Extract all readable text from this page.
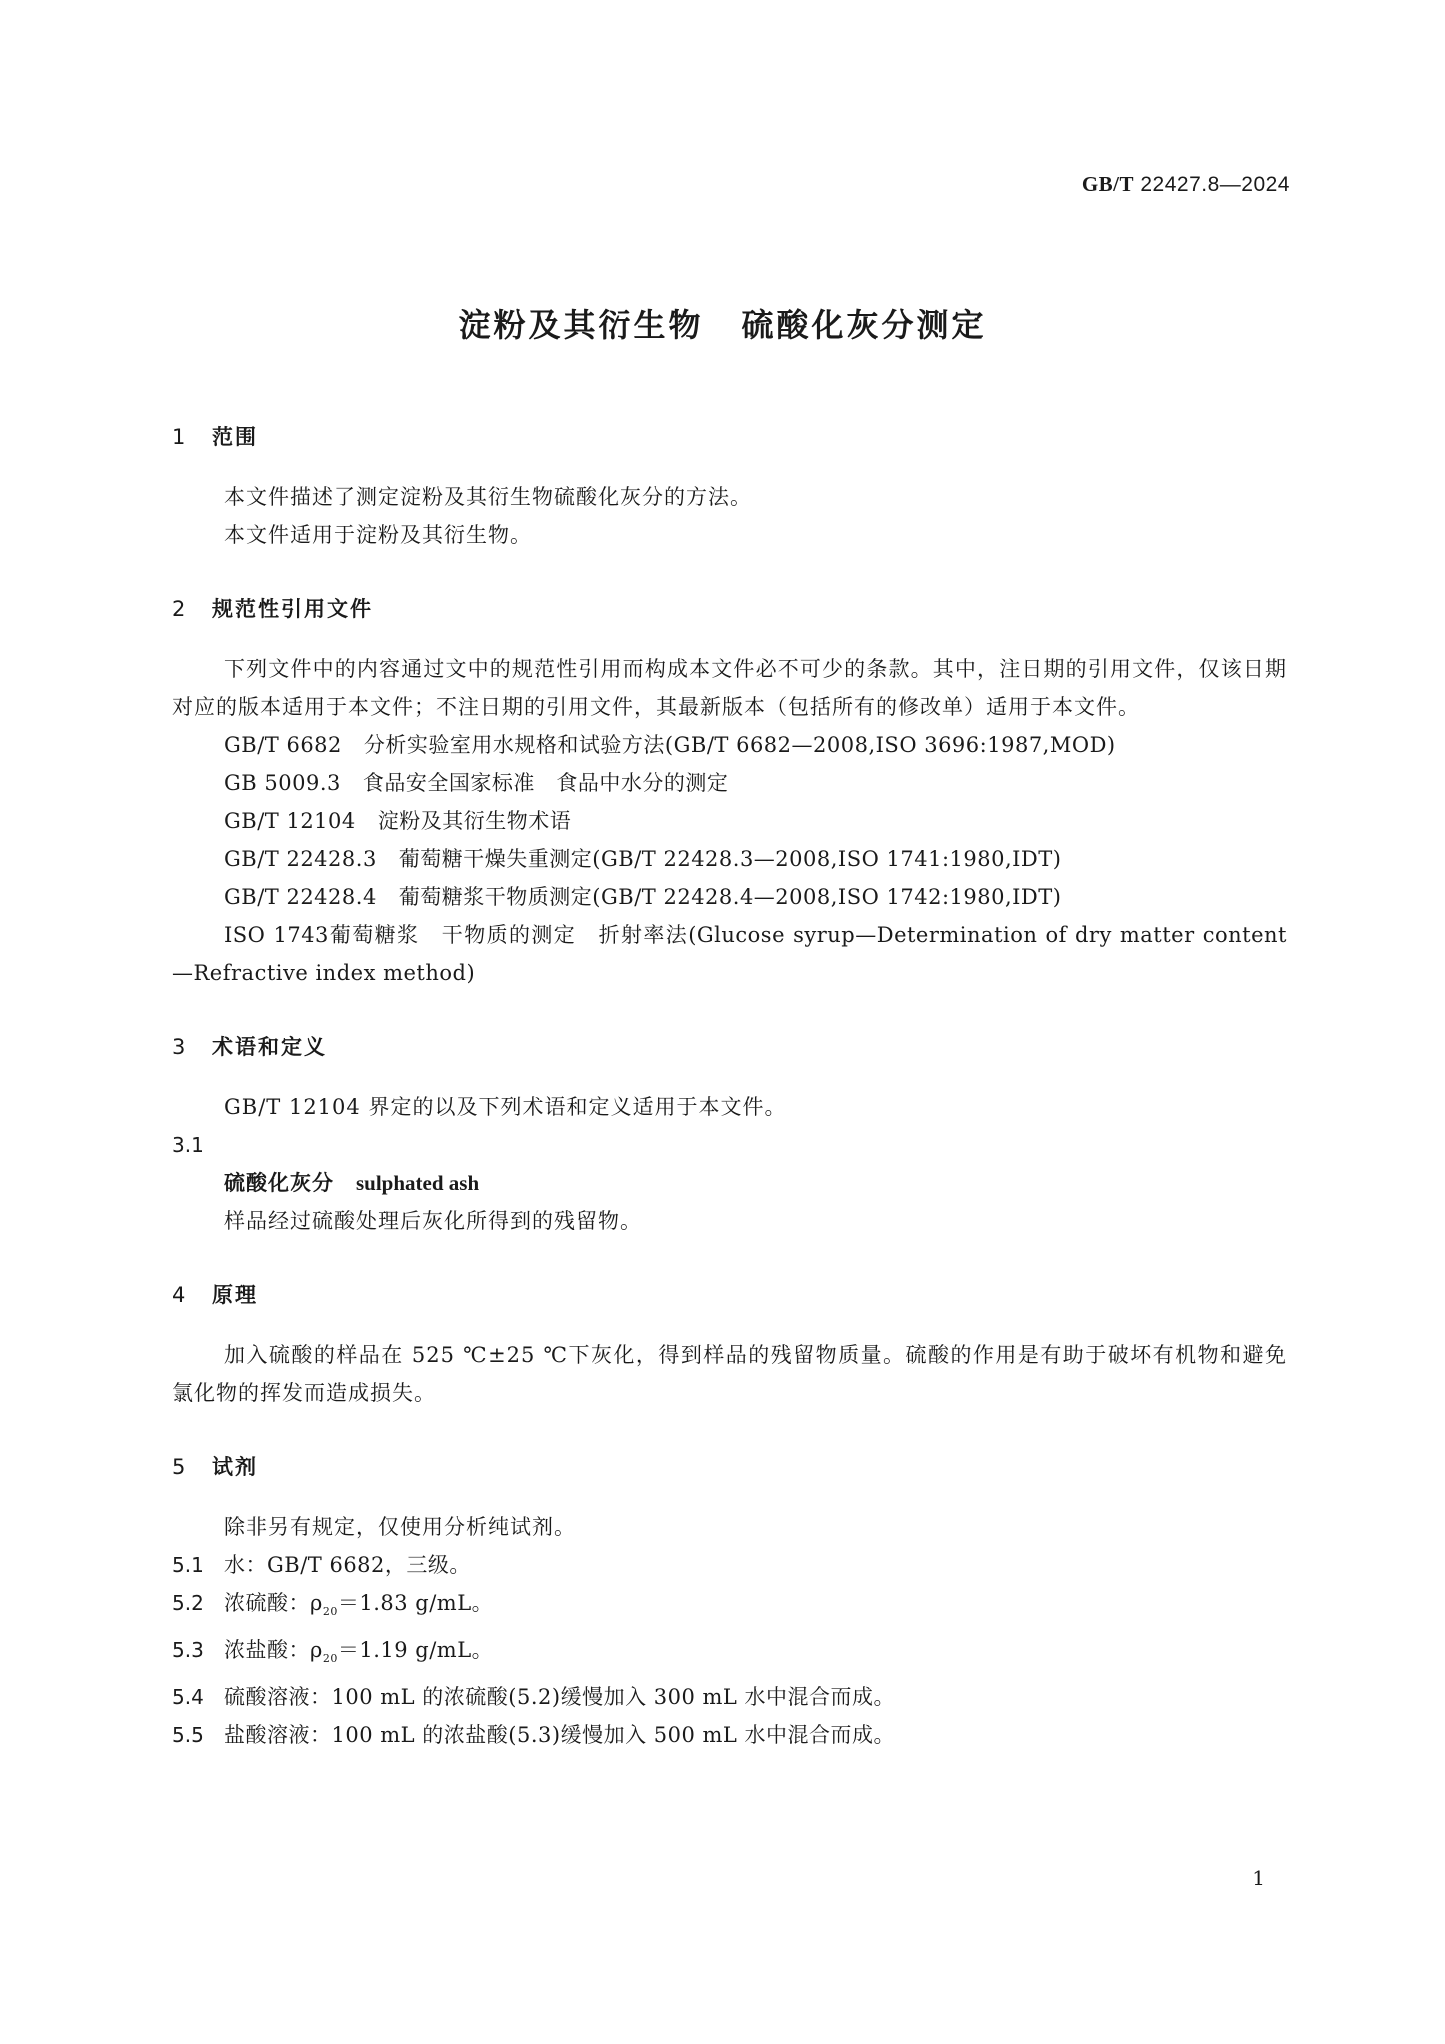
GB/T 22427.8—2024
淀粉及其衍生物 硫酸化灰分测定

1 范围

本文件描述了测定淀粉及其衍生物硫酸化灰分的方法。

本文件适用于淀粉及其衍生物。

2 规范性引用文件

下列文件中的内容通过文中的规范性引用而构成本文件必不可少的条款。其中，注日期的引用文件，仅该日期对应的版本适用于本文件；不注日期的引用文件，其最新版本（包括所有的修改单）适用于本文件。

GB/T 6682 分析实验室用水规格和试验方法(GB/T 6682—2008,ISO 3696:1987,MOD)

GB 5009.3 食品安全国家标准　食品中水分的测定

GB/T 12104 淀粉及其衍生物术语

GB/T 22428.3 葡萄糖干燥失重测定(GB/T 22428.3—2008,ISO 1741:1980,IDT)

GB/T 22428.4 葡萄糖浆干物质测定(GB/T 22428.4—2008,ISO 1742:1980,IDT)

ISO 1743葡萄糖浆　干物质的测定　折射率法(Glucose syrup—Determination of dry matter content—Refractive index method)

3 术语和定义

GB/T 12104 界定的以及下列术语和定义适用于本文件。

3.1

硫酸化灰分 sulphated ash

样品经过硫酸处理后灰化所得到的残留物。

4 原理

加入硫酸的样品在 525 ℃±25 ℃下灰化，得到样品的残留物质量。硫酸的作用是有助于破坏有机物和避免氯化物的挥发而造成损失。

5 试剂

除非另有规定，仅使用分析纯试剂。

5.1 水：GB/T 6682，三级。

5.2 浓硫酸：$\rho_{20}=1.83$ g/mL。

5.3 浓盐酸：$\rho_{20}=1.19$ g/mL。

5.4 硫酸溶液：100 mL 的浓硫酸(5.2)缓慢加入 300 mL 水中混合而成。

5.5 盐酸溶液：100 mL 的浓盐酸(5.3)缓慢加入 500 mL 水中混合而成。

1
